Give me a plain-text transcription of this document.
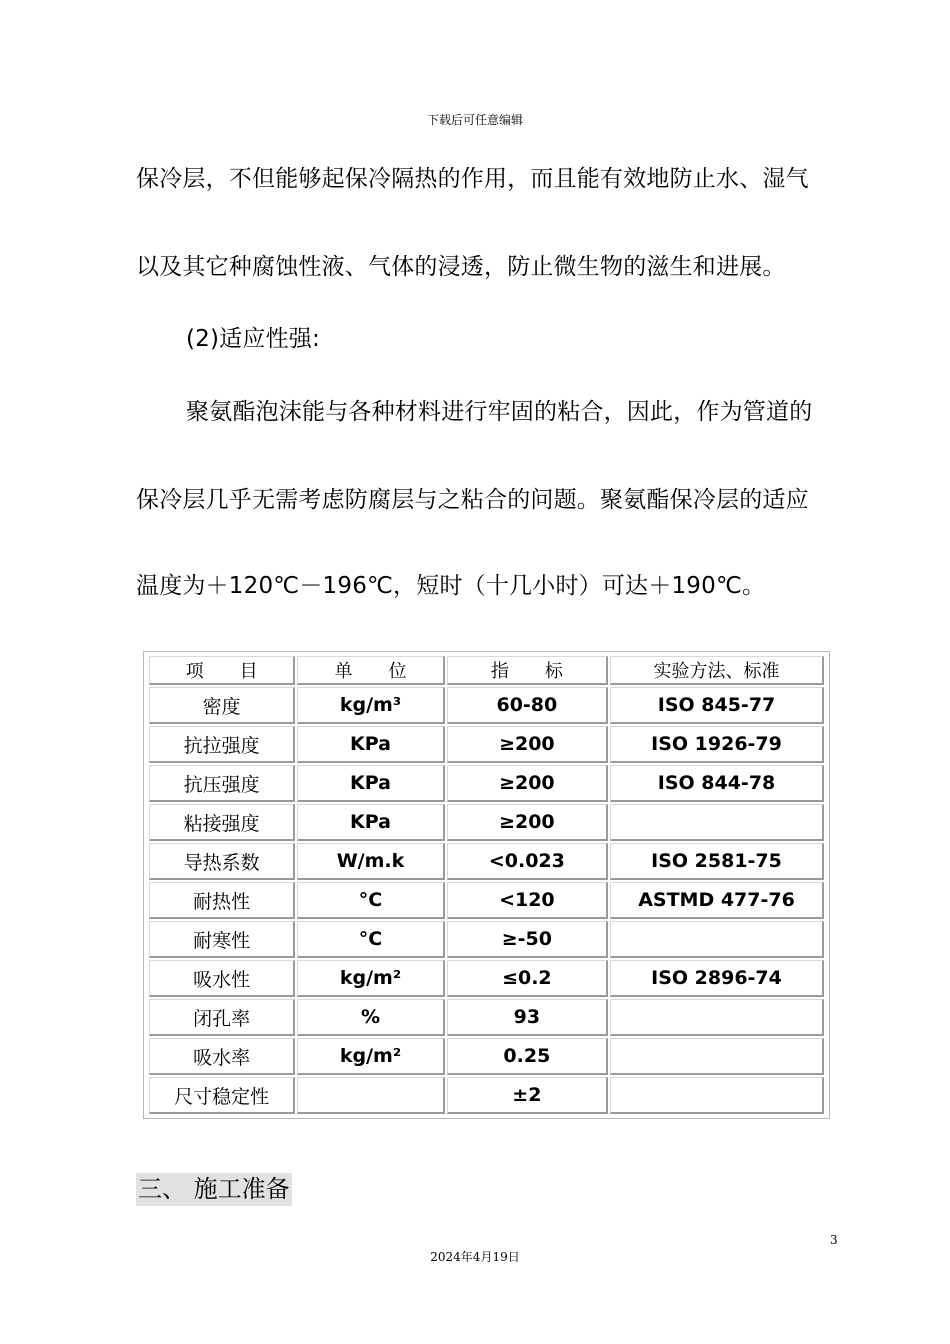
下载后可任意编辑
保冷层，不但能够起保冷隔热的作用，而且能有效地防止水、湿气
以及其它种腐蚀性液、气体的浸透，防止微生物的滋生和进展。
(2)适应性强:
聚氨酯泡沫能与各种材料进行牢固的粘合，因此，作为管道的
保冷层几乎无需考虑防腐层与之粘合的问题。聚氨酯保冷层的适应
温度为＋120℃－196℃，短时（十几小时）可达＋190℃。
项　　目	单　　位	指　　标	实验方法、标准
密度	kg/m³	60-80	ISO 845-77
抗拉强度	KPa	≥200	ISO 1926-79
抗压强度	KPa	≥200	ISO 844-78
粘接强度	KPa	≥200	
导热系数	W/m.k	<0.023	ISO 2581-75
耐热性	°C	<120	ASTMD 477-76
耐寒性	°C	≥-50	
吸水性	kg/m²	≤0.2	ISO 2896-74
闭孔率	%	93	
吸水率	kg/m²	0.25	
尺寸稳定性		±2	
三、 施工准备
3
2024年4月19日
